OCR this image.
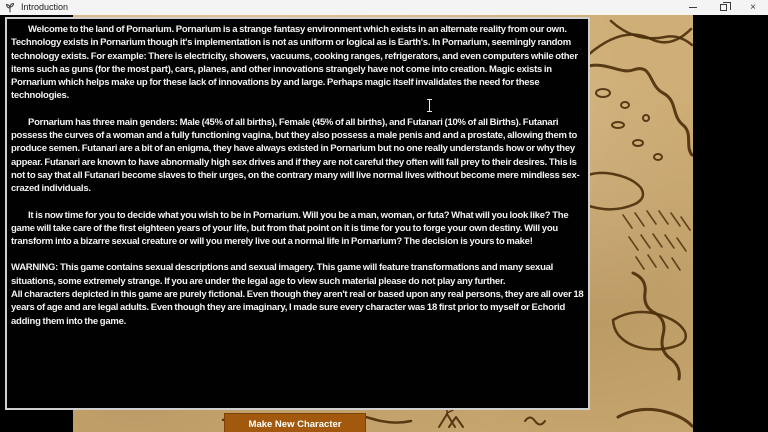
Introduction	×

Welcome to the land of Pornarium. Pornarium is a strange fantasy environment which exists in an alternate reality from our own. Technology exists in Pornarium though it's implementation is not as uniform or logical as is Earth's. In Pornarium, seemingly random technology exists. For example: There is electricity, showers, vacuums, cooking ranges, refrigerators, and even computers while other items such as guns (for the most part), cars, planes, and other innovations strangely have not come into creation. Magic exists in Pornarium which helps make up for these lack of innovations by and large. Perhaps magic itself invalidates the need for these technologies.

Pornarium has three main genders: Male (45% of all births), Female (45% of all births), and Futanari (10% of all Births). Futanari possess the curves of a woman and a fully functioning vagina, but they also possess a male penis and and a prostate, allowing them to produce semen. Futanari are a bit of an enigma, they have always existed in Pornarium but no one really understands how or why they appear. Futanari are known to have abnormally high sex drives and if they are not careful they often will fall prey to their desires. This is not to say that all Futanari become slaves to their urges, on the contrary many will live normal lives without become mere mindless sex-crazed individuals.

It is now time for you to decide what you wish to be in Pornarium. Will you be a man, woman, or futa? What will you look like? The game will take care of the first eighteen years of your life, but from that point on it is time for you to forge your own destiny. Will you transform into a bizarre sexual creature or will you merely live out a normal life in Pornarium? The decision is yours to make!

WARNING: This game contains sexual descriptions and sexual imagery. This game will feature transformations and many sexual situations, some extremely strange. If you are under the legal age to view such material please do not play any further.

All characters depicted in this game are purely fictional. Even though they aren't real or based upon any real persons, they are all over 18 years of age and are legal adults. Even though they are imaginary, I made sure every character was 18 first prior to myself or Echorid adding them into the game.

Make New Character
